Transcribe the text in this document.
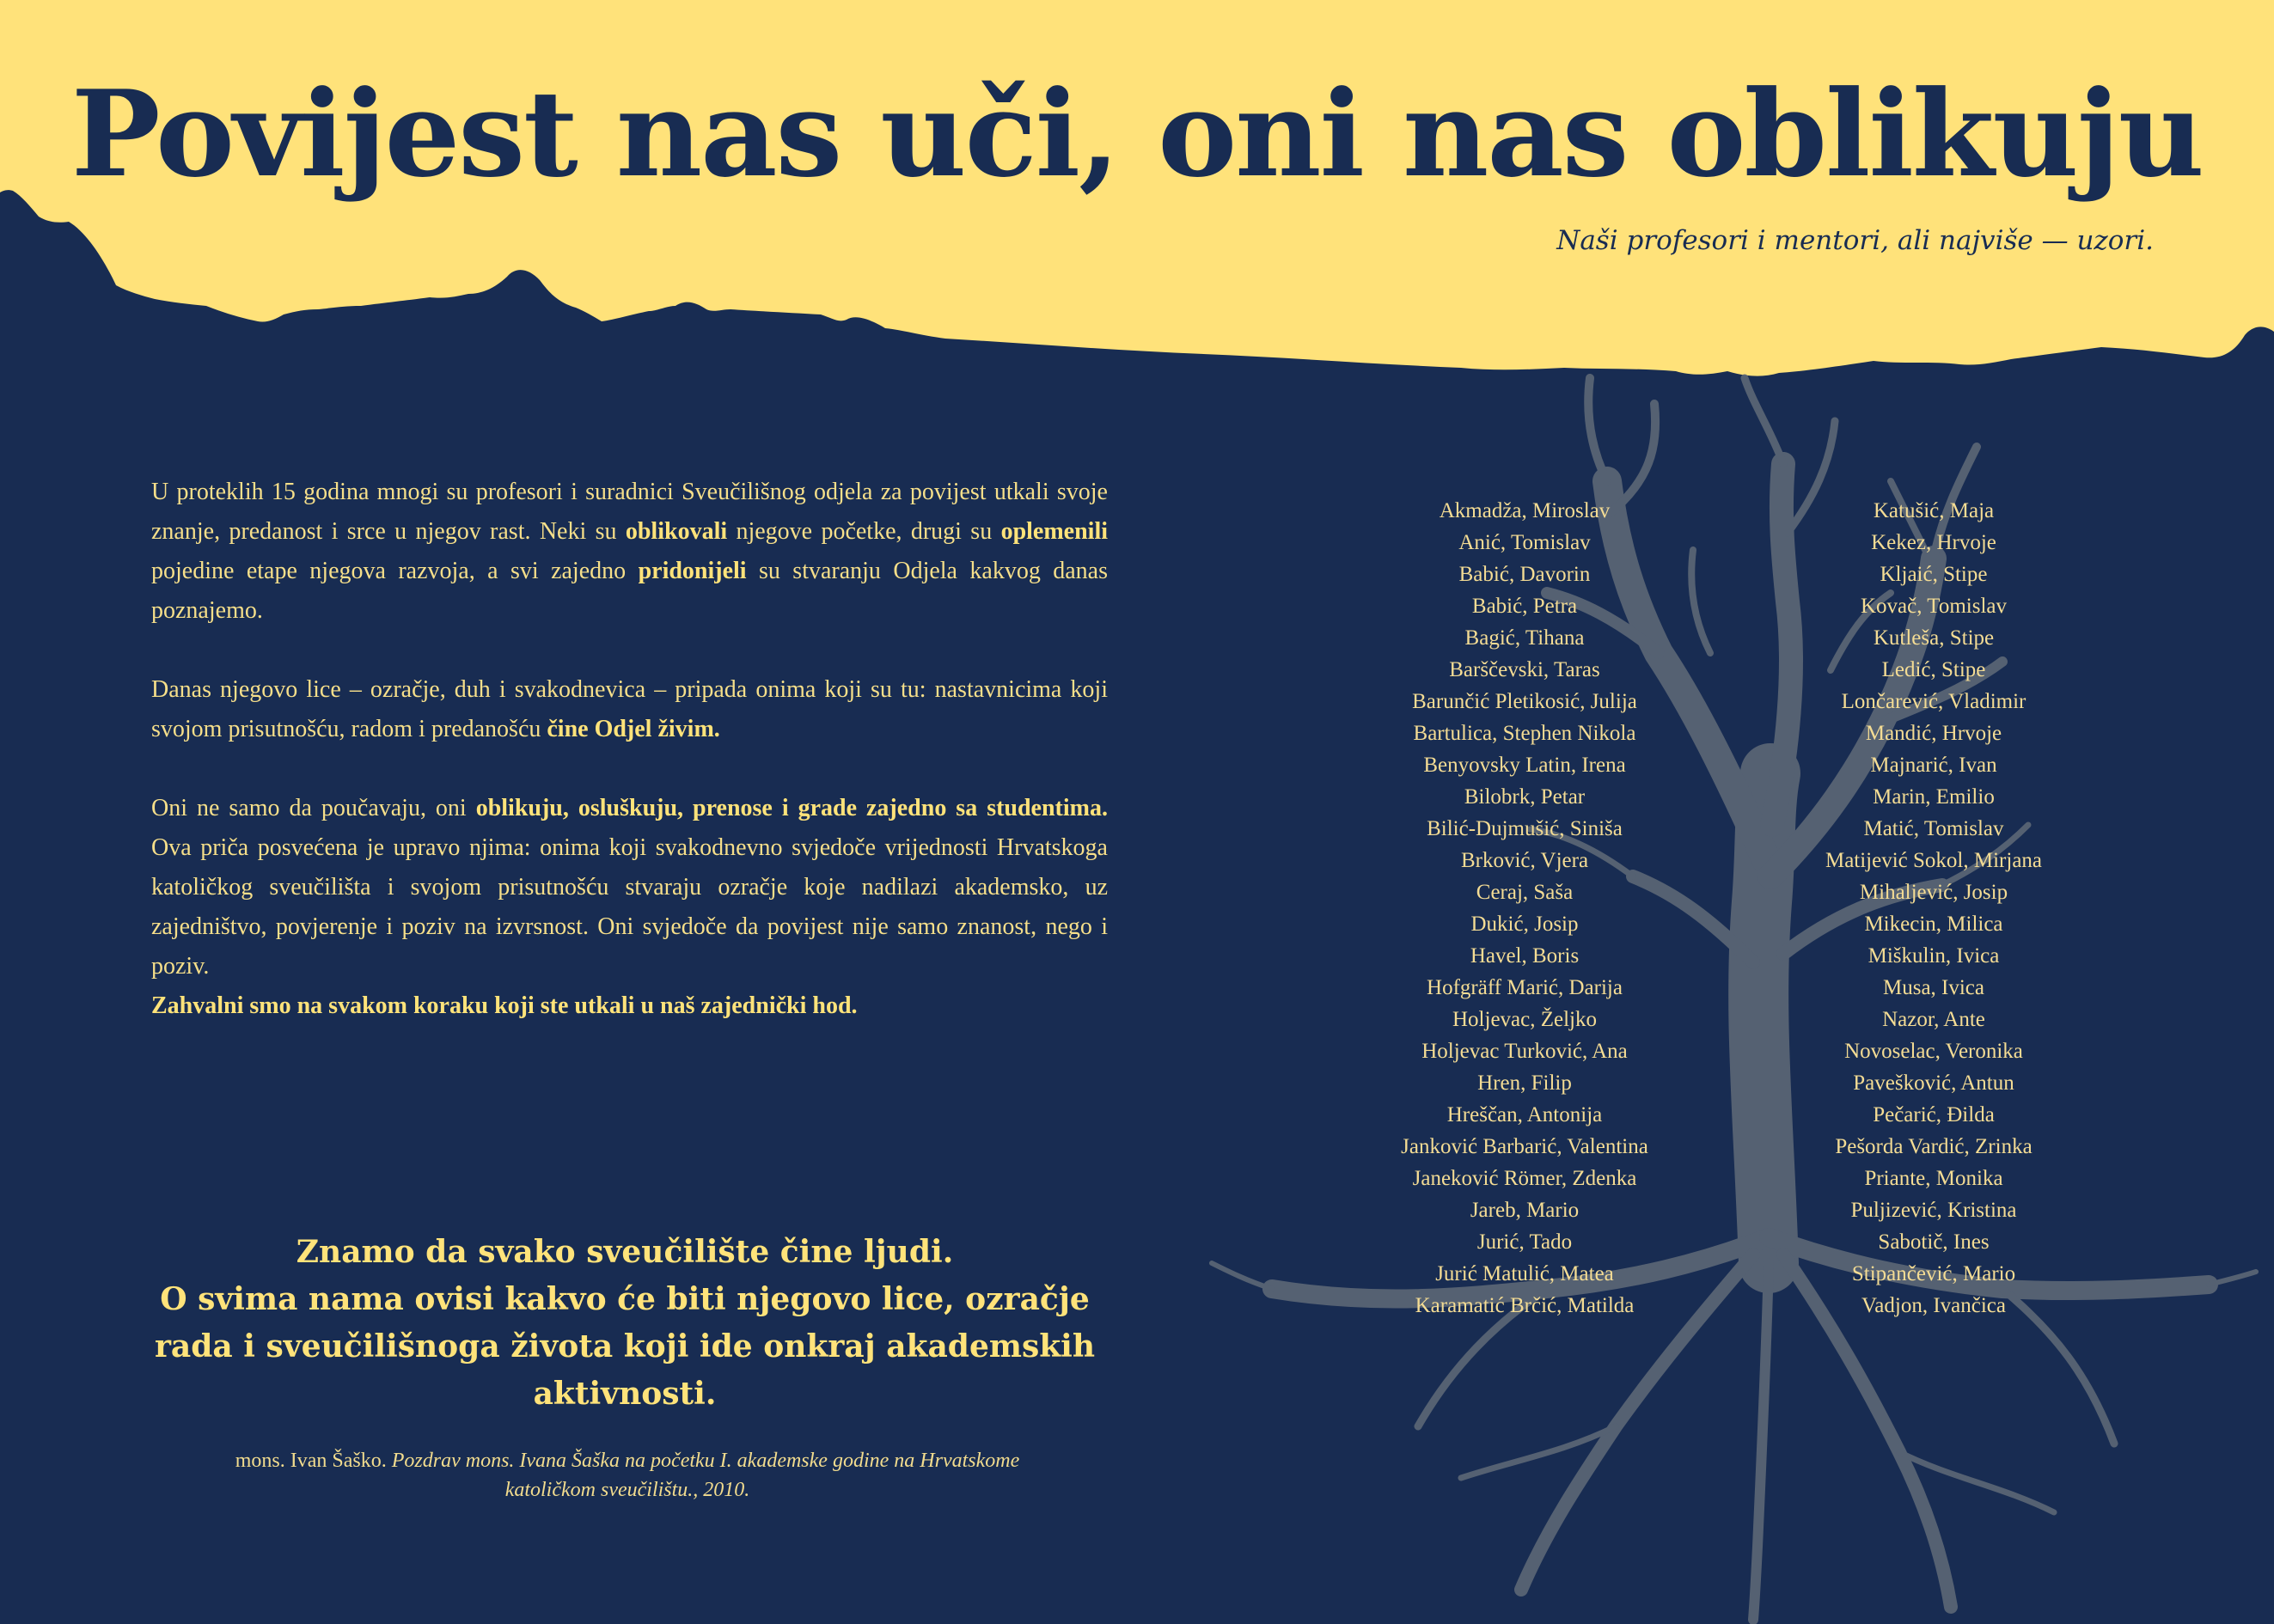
Povijest nas uči, oni nas oblikuju
Naši profesori i mentori, ali najviše — uzori.

U proteklih 15 godina mnogi su profesori i suradnici Sveučilišnog odjela za povijest utkali svoje znanje, predanost i srce u njegov rast. Neki su oblikovali njegove početke, drugi su oplemenili pojedine etape njegova razvoja, a svi zajedno pridonijeli su stvaranju Odjela kakvog danas poznajemo.

Danas njegovo lice – ozračje, duh i svakodnevica – pripada onima koji su tu: nastavnicima koji svojom prisutnošću, radom i predanošću čine Odjel živim.

Oni ne samo da poučavaju, oni oblikuju, osluškuju, prenose i grade zajedno sa studentima. Ova priča posvećena je upravo njima: onima koji svakodnevno svjedoče vrijednosti Hrvatskoga katoličkog sveučilišta i svojom prisutnošću stvaraju ozračje koje nadilazi akademsko, uz zajedništvo, povjerenje i poziv na izvrsnost. Oni svjedoče da povijest nije samo znanost, nego i poziv.
Zahvalni smo na svakom koraku koji ste utkali u naš zajednički hod.

Znamo da svako sveučilište čine ljudi.
O svima nama ovisi kakvo će biti njegovo lice, ozračje rada i sveučilišnoga života koji ide onkraj akademskih aktivnosti.
mons. Ivan Šaško. Pozdrav mons. Ivana Šaška na početku I. akademske godine na Hrvatskome katoličkom sveučilištu., 2010.
Akmadža, Miroslav
Anić, Tomislav
Babić, Davorin
Babić, Petra
Bagić, Tihana
Barščevski, Taras
Barunčić Pletikosić, Julija
Bartulica, Stephen Nikola
Benyovsky Latin, Irena
Bilobrk, Petar
Bilić-Dujmušić, Siniša
Brković, Vjera
Ceraj, Saša
Dukić, Josip
Havel, Boris
Hofgräff Marić, Darija
Holjevac, Željko
Holjevac Turković, Ana
Hren, Filip
Hreščan, Antonija
Janković Barbarić, Valentina
Janeković Römer, Zdenka
Jareb, Mario
Jurić, Tado
Jurić Matulić, Matea
Karamatić Brčić, Matilda
Katušić, Maja
Kekez, Hrvoje
Kljaić, Stipe
Kovač, Tomislav
Kutleša, Stipe
Ledić, Stipe
Lončarević, Vladimir
Mandić, Hrvoje
Majnarić, Ivan
Marin, Emilio
Matić, Tomislav
Matijević Sokol, Mirjana
Mihaljević, Josip
Mikecin, Milica
Miškulin, Ivica
Musa, Ivica
Nazor, Ante
Novoselac, Veronika
Pavešković, Antun
Pečarić, Đilda
Pešorda Vardić, Zrinka
Priante, Monika
Puljizević, Kristina
Sabotič, Ines
Stipančević, Mario
Vadjon, Ivančica
